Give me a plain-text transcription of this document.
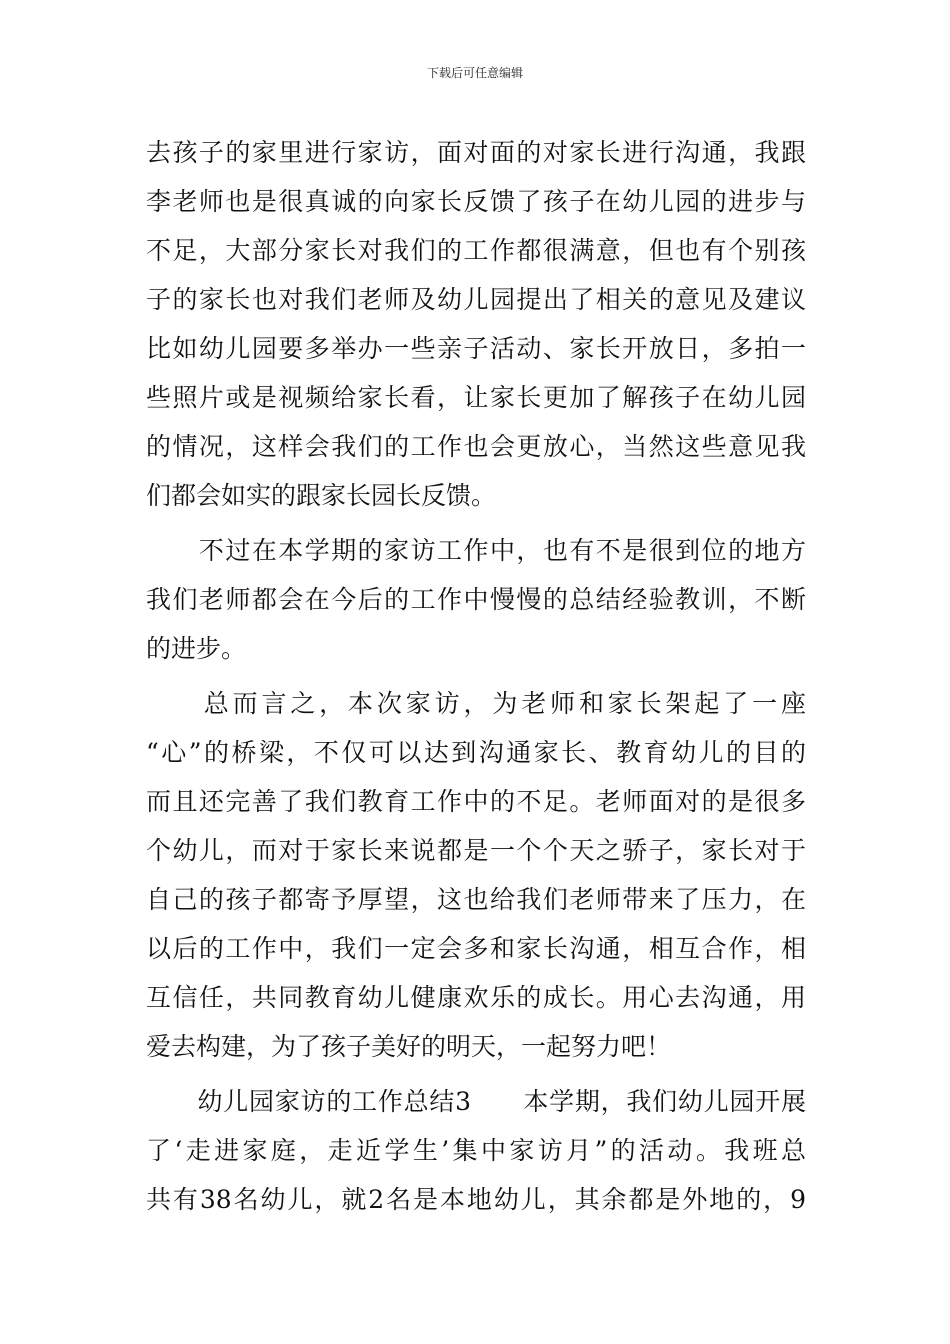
下载后可任意编辑
去孩子的家里进行家访，面对面的对家长进行沟通，我跟
李老师也是很真诚的向家长反馈了孩子在幼儿园的进步与
不足，大部分家长对我们的工作都很满意，但也有个别孩
子的家长也对我们老师及幼儿园提出了相关的意见及建议
比如幼儿园要多举办一些亲子活动、家长开放日，多拍一
些照片或是视频给家长看，让家长更加了解孩子在幼儿园
的情况，这样会我们的工作也会更放心，当然这些意见我
们都会如实的跟家长园长反馈。
　　不过在本学期的家访工作中，也有不是很到位的地方
我们老师都会在今后的工作中慢慢的总结经验教训，不断
的进步。
　　总而言之，本次家访，为老师和家长架起了一座
“心”的桥梁，不仅可以达到沟通家长、教育幼儿的目的
而且还完善了我们教育工作中的不足。老师面对的是很多
个幼儿，而对于家长来说都是一个个天之骄子，家长对于
自己的孩子都寄予厚望，这也给我们老师带来了压力，在
以后的工作中，我们一定会多和家长沟通，相互合作，相
互信任，共同教育幼儿健康欢乐的成长。用心去沟通，用
爱去构建，为了孩子美好的明天，一起努力吧！
　　幼儿园家访的工作总结3　　本学期，我们幼儿园开展
了‘走进家庭，走近学生’集中家访月”的活动。我班总
共有38名幼儿，就2名是本地幼儿，其余都是外地的，9
